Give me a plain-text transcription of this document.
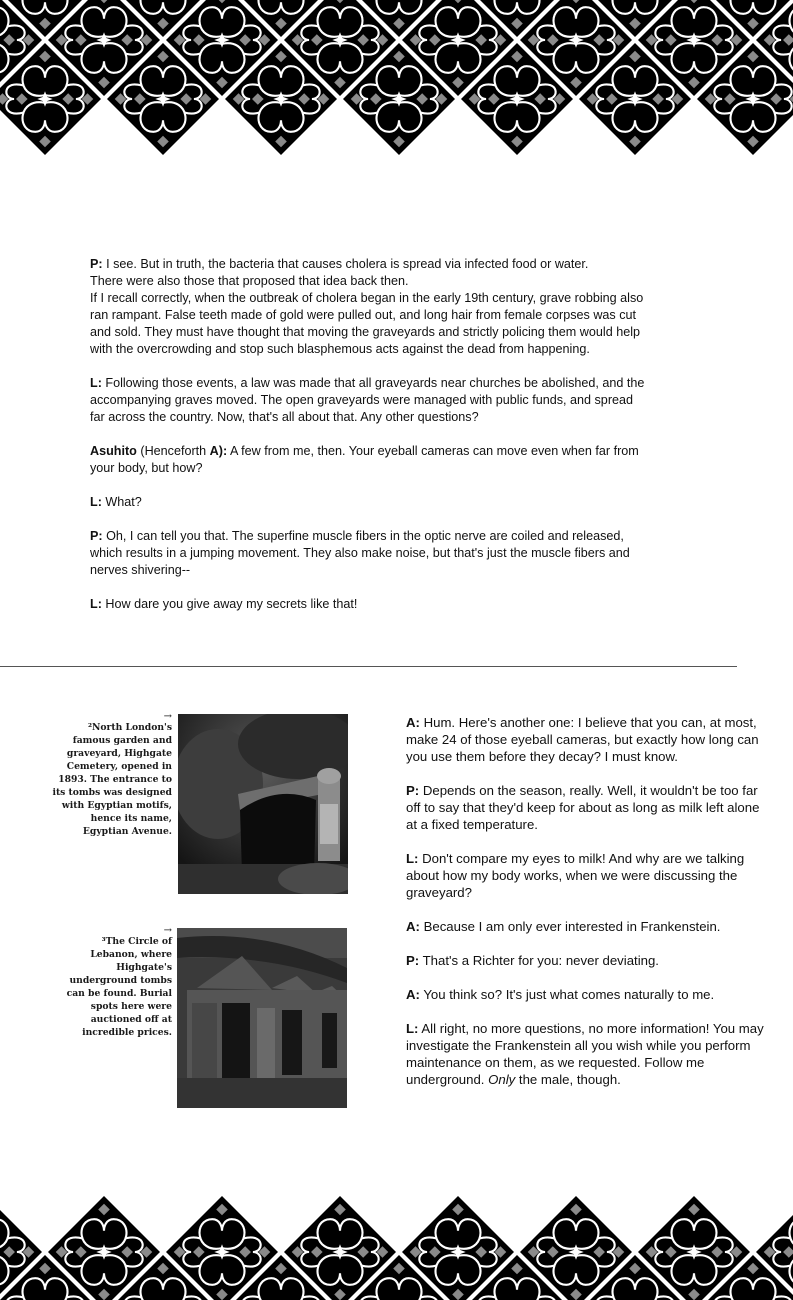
P: I see. But in truth, the bacteria that causes cholera is spread via infected food or water.
There were also those that proposed that idea back then.
If I recall correctly, when the outbreak of cholera began in the early 19th century, grave robbing also ran rampant. False teeth made of gold were pulled out, and long hair from female corpses was cut and sold. They must have thought that moving the graveyards and strictly policing them would help with the overcrowding and stop such blasphemous acts against the dead from happening.

L: Following those events, a law was made that all graveyards near churches be abolished, and the accompanying graves moved. The open graveyards were managed with public funds, and spread far across the country. Now, that's all about that. Any other questions?

Asuhito (Henceforth A): A few from me, then. Your eyeball cameras can move even when far from your body, but how?

L: What?

P: Oh, I can tell you that. The superfine muscle fibers in the optic nerve are coiled and released, which results in a jumping movement. They also make noise, but that's just the muscle fibers and nerves shivering--

L: How dare you give away my secrets like that!

→
²North London's famous garden and graveyard, Highgate Cemetery, opened in 1893. The entrance to its tombs was designed with Egyptian motifs, hence its name, Egyptian Avenue.
→
³The Circle of Lebanon, where Highgate's underground tombs can be found. Burial spots here were auctioned off at incredible prices.

A: Hum. Here's another one: I believe that you can, at most, make 24 of those eyeball cameras, but exactly how long can you use them before they decay? I must know.

P: Depends on the season, really. Well, it wouldn't be too far off to say that they'd keep for about as long as milk left alone at a fixed temperature.

L: Don't compare my eyes to milk! And why are we talking about how my body works, when we were discussing the graveyard?

A: Because I am only ever interested in Frankenstein.

P: That's a Richter for you: never deviating.

A: You think so? It's just what comes naturally to me.

L: All right, no more questions, no more information! You may investigate the Frankenstein all you wish while you perform maintenance on them, as we requested. Follow me underground. Only the male, though.
